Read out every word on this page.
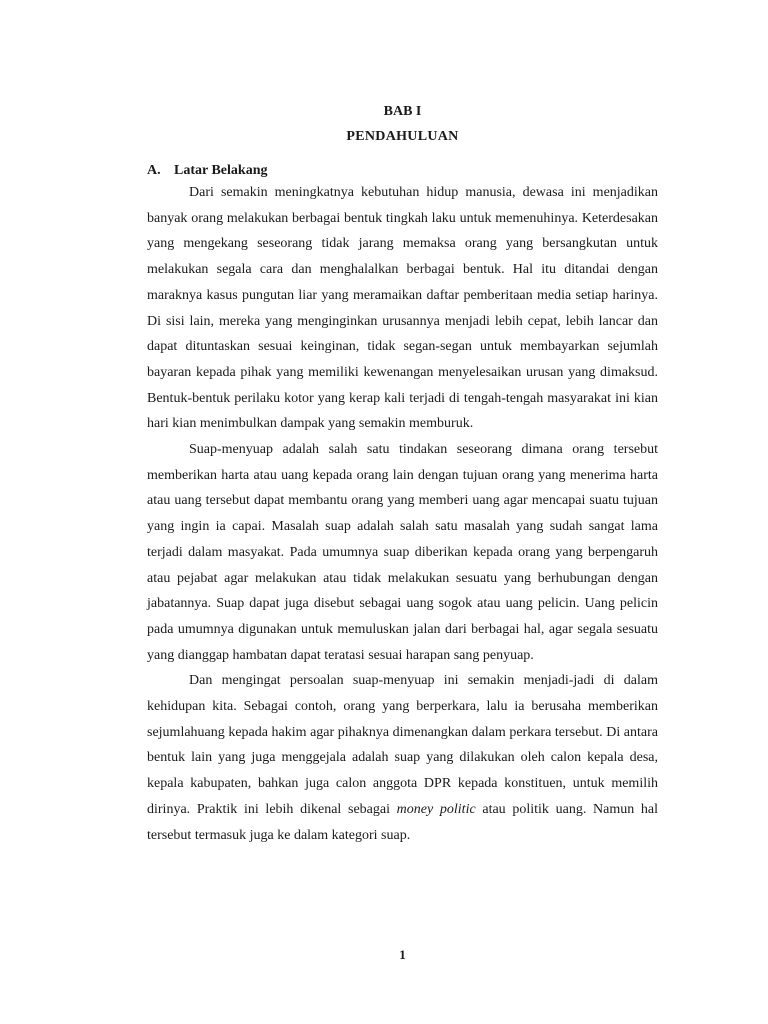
BAB I
PENDAHULUAN
A. Latar Belakang

Dari semakin meningkatnya kebutuhan hidup manusia, dewasa ini menjadikan banyak orang melakukan berbagai bentuk tingkah laku untuk memenuhinya. Keterdesakan yang mengekang seseorang tidak jarang memaksa orang yang bersangkutan untuk melakukan segala cara dan menghalalkan berbagai bentuk. Hal itu ditandai dengan maraknya kasus pungutan liar yang meramaikan daftar pemberitaan media setiap harinya. Di sisi lain, mereka yang menginginkan urusannya menjadi lebih cepat, lebih lancar dan dapat dituntaskan sesuai keinginan, tidak segan-segan untuk membayarkan sejumlah bayaran kepada pihak yang memiliki kewenangan menyelesaikan urusan yang dimaksud. Bentuk-bentuk perilaku kotor yang kerap kali terjadi di tengah-tengah masyarakat ini kian hari kian menimbulkan dampak yang semakin memburuk.

Suap-menyuap adalah salah satu tindakan seseorang dimana orang tersebut memberikan harta atau uang kepada orang lain dengan tujuan orang yang menerima harta atau uang tersebut dapat membantu orang yang memberi uang agar mencapai suatu tujuan yang ingin ia capai. Masalah suap adalah salah satu masalah yang sudah sangat lama terjadi dalam masyakat. Pada umumnya suap diberikan kepada orang yang berpengaruh atau pejabat agar melakukan atau tidak melakukan sesuatu yang berhubungan dengan jabatannya. Suap dapat juga disebut sebagai uang sogok atau uang pelicin. Uang pelicin pada umumnya digunakan untuk memuluskan jalan dari berbagai hal, agar segala sesuatu yang dianggap hambatan dapat teratasi sesuai harapan sang penyuap.

Dan mengingat persoalan suap-menyuap ini semakin menjadi-jadi di dalam kehidupan kita. Sebagai contoh, orang yang berperkara, lalu ia berusaha memberikan sejumlahuang kepada hakim agar pihaknya dimenangkan dalam perkara tersebut. Di antara bentuk lain yang juga menggejala adalah suap yang dilakukan oleh calon kepala desa, kepala kabupaten, bahkan juga calon anggota DPR kepada konstituen, untuk memilih dirinya. Praktik ini lebih dikenal sebagai money politic atau politik uang. Namun hal tersebut termasuk juga ke dalam kategori suap.

1
